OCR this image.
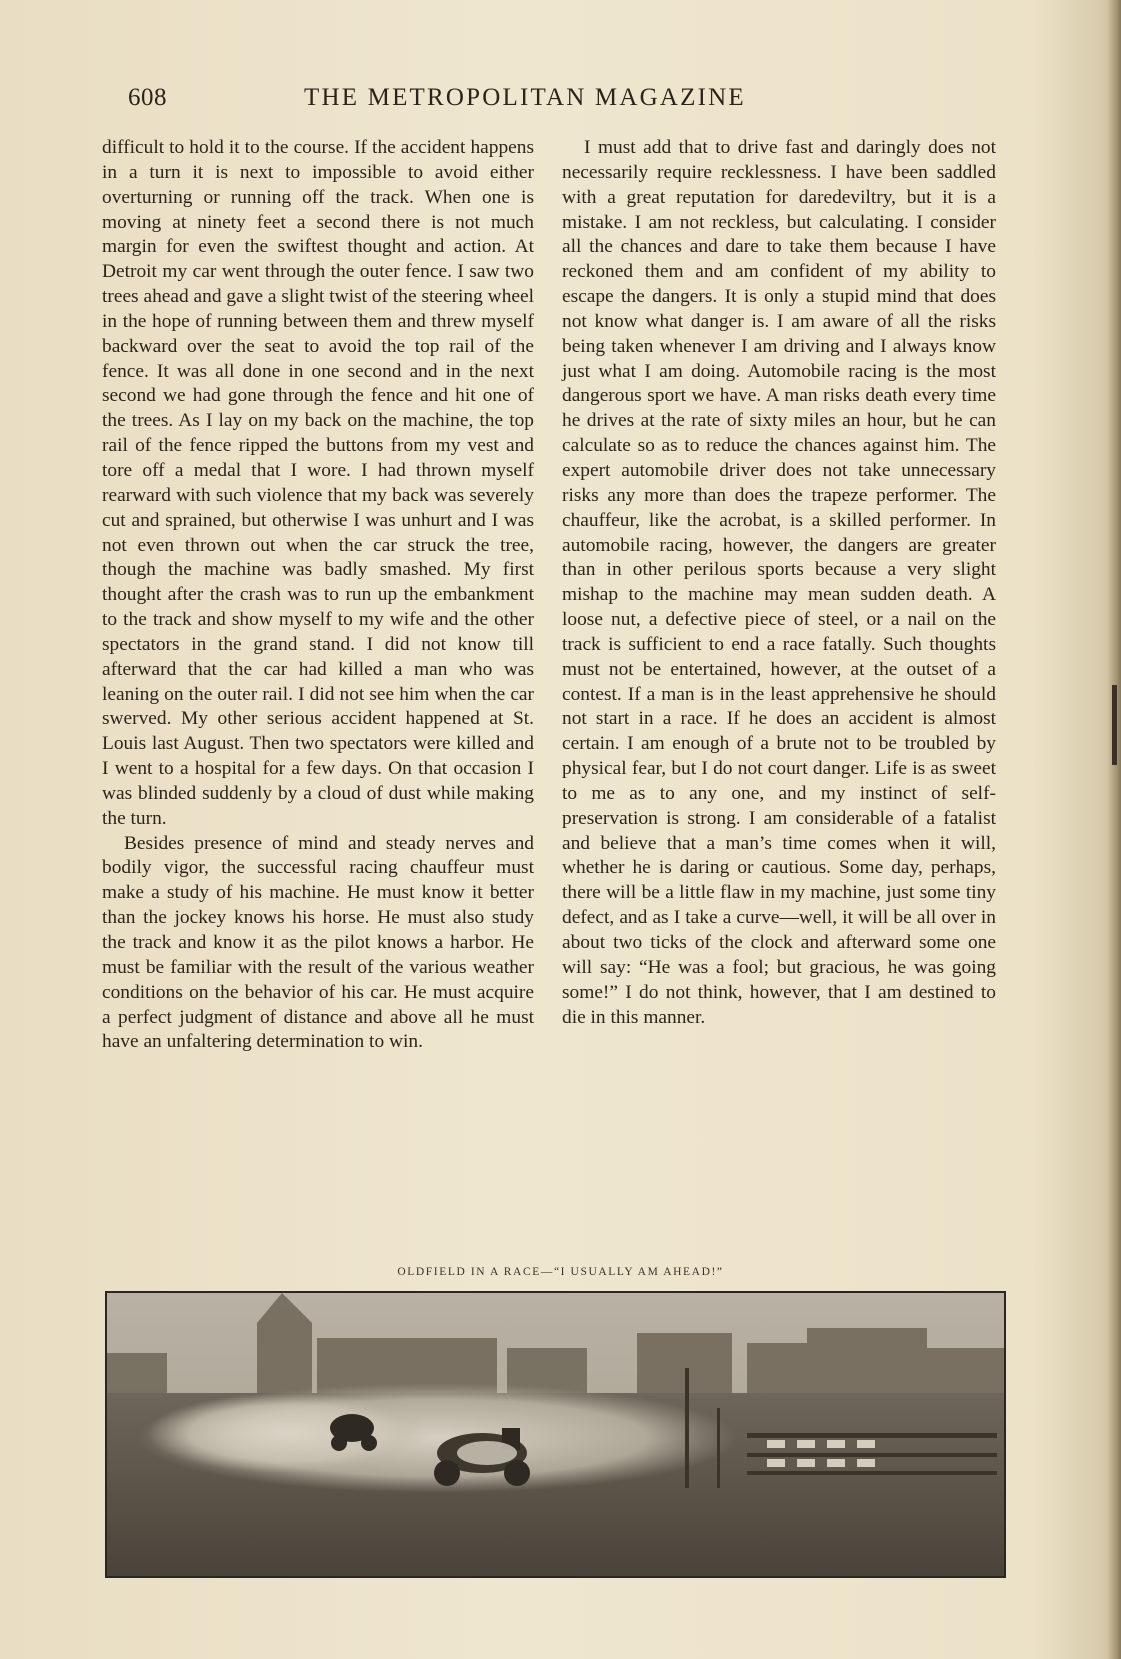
608	THE METROPOLITAN MAGAZINE

difficult to hold it to the course. If the accident happens in a turn it is next to impossible to avoid either overturning or running off the track. When one is moving at ninety feet a second there is not much margin for even the swiftest thought and action. At Detroit my car went through the outer fence. I saw two trees ahead and gave a slight twist of the steering wheel in the hope of running between them and threw myself backward over the seat to avoid the top rail of the fence. It was all done in one second and in the next second we had gone through the fence and hit one of the trees. As I lay on my back on the machine, the top rail of the fence ripped the buttons from my vest and tore off a medal that I wore. I had thrown myself rearward with such violence that my back was severely cut and sprained, but otherwise I was unhurt and I was not even thrown out when the car struck the tree, though the machine was badly smashed. My first thought after the crash was to run up the embankment to the track and show myself to my wife and the other spectators in the grand stand. I did not know till afterward that the car had killed a man who was leaning on the outer rail. I did not see him when the car swerved. My other serious accident happened at St. Louis last August. Then two spectators were killed and I went to a hospital for a few days. On that occasion I was blinded suddenly by a cloud of dust while making the turn.

Besides presence of mind and steady nerves and bodily vigor, the successful racing chauffeur must make a study of his machine. He must know it better than the jockey knows his horse. He must also study the track and know it as the pilot knows a harbor. He must be familiar with the result of the various weather conditions on the behavior of his car. He must acquire a perfect judgment of distance and above all he must have an unfaltering determination to win.

I must add that to drive fast and daringly does not necessarily require recklessness. I have been saddled with a great reputation for daredeviltry, but it is a mistake. I am not reckless, but calculating. I consider all the chances and dare to take them because I have reckoned them and am confident of my ability to escape the dangers. It is only a stupid mind that does not know what danger is. I am aware of all the risks being taken whenever I am driving and I always know just what I am doing. Automobile racing is the most dangerous sport we have. A man risks death every time he drives at the rate of sixty miles an hour, but he can calculate so as to reduce the chances against him. The expert automobile driver does not take unnecessary risks any more than does the trapeze performer. The chauffeur, like the acrobat, is a skilled performer. In automobile racing, however, the dangers are greater than in other perilous sports because a very slight mishap to the machine may mean sudden death. A loose nut, a defective piece of steel, or a nail on the track is sufficient to end a race fatally. Such thoughts must not be entertained, however, at the outset of a contest. If a man is in the least apprehensive he should not start in a race. If he does an accident is almost certain. I am enough of a brute not to be troubled by physical fear, but I do not court danger. Life is as sweet to me as to any one, and my instinct of self-preservation is strong. I am considerable of a fatalist and believe that a man’s time comes when it will, whether he is daring or cautious. Some day, perhaps, there will be a little flaw in my machine, just some tiny defect, and as I take a curve—well, it will be all over in about two ticks of the clock and afterward some one will say: “He was a fool; but gracious, he was going some!” I do not think, however, that I am destined to die in this manner.

OLDFIELD IN A RACE—“I USUALLY AM AHEAD!”
